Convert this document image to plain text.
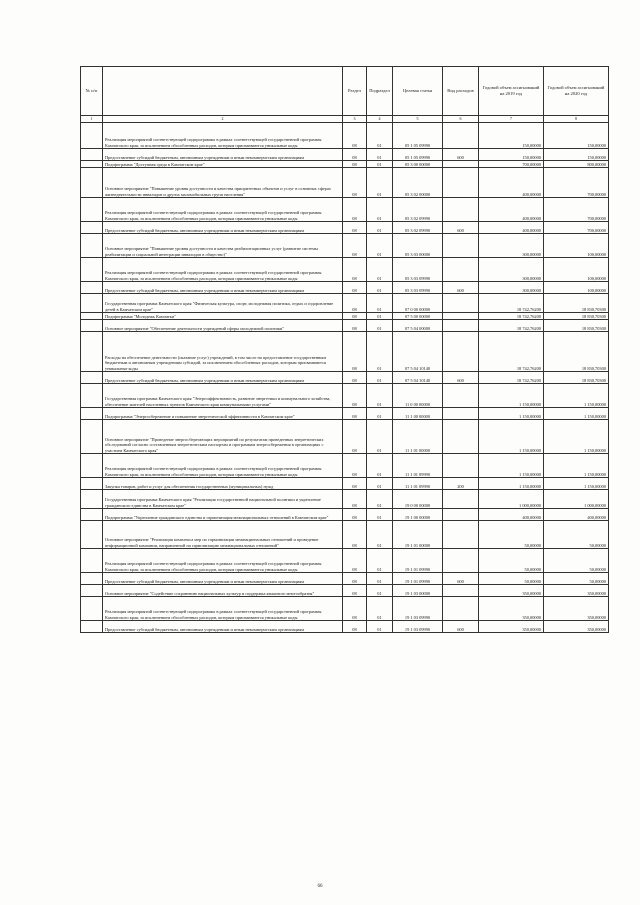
№ п/п		Раздел	Подраздел	Целевая статья	Вид расходов	Годовой объем ассигнований на 2019 год	Годовой объем ассигнований на 2020 год
1	2	3	4	5	6	7	8
	Реализация мероприятий соответствующей подпрограммы в рамках соответствующей государственной программы Камчатского края, за исключением обособленных расходов, которым присваиваются уникальные коды	08	01	05 1 05 09990		150,00000	150,00000
	Предоставление субсидий бюджетным, автономным учреждениям и иным некоммерческим организациям	08	01	05 1 05 09990	600	150,00000	150,00000
	Подпрограмма "Доступная среда в Камчатском крае"	08	01	05 3 00 00000		700,00000	800,00000
	Основное мероприятие "Повышение уровня доступности и качества приоритетных объектов и услуг в основных сферах жизнедеятельности инвалидов и других маломобильных групп населения"	08	01	05 3 02 00000		400,00000	700,00000
	Реализация мероприятий соответствующей подпрограммы в рамках соответствующей государственной программы Камчатского края, за исключением обособленных расходов, которым присваиваются уникальные коды	08	01	05 3 02 09990		400,00000	700,00000
	Предоставление субсидий бюджетным, автономным учреждениям и иным некоммерческим организациям	08	01	05 3 02 09990	600	400,00000	700,00000
	Основное мероприятие "Повышение уровня доступности и качества реабилитационных услуг (развитие системы реабилитации и социальной интеграции инвалидов в общество)"	08	01	05 3 03 00000		300,00000	100,00000
	Реализация мероприятий соответствующей подпрограммы в рамках соответствующей государственной программы Камчатского края, за исключением обособленных расходов, которым присваиваются уникальные коды	08	01	05 3 03 09990		300,00000	100,00000
	Предоставление субсидий бюджетным, автономным учреждениям и иным некоммерческим организациям	08	01	05 3 03 09990	600	300,00000	100,00000
	Государственная программа Камчатского края "Физическая культура, спорт, молодежная политика, отдых и оздоровление детей в Камчатском крае"	08	01	07 0 00 00000		18 742,76200	18 830,70300
	Подпрограмма "Молодежь Камчатки"	08	01	07 5 00 00000		18 742,76200	18 830,70300
	Основное мероприятие "Обеспечение деятельности учреждений сферы молодежной политики"	08	01	07 5 04 00000		18 742,76200	18 830,70300
	Расходы на обеспечение деятельности (оказание услуг) учреждений, в том числе на предоставление государственным бюджетным и автономным учреждениям субсидий, за исключением обособленных расходов, которым присваиваются уникальные коды	08	01	07 5 04 10140		18 742,76200	18 830,70300
	Предоставление субсидий бюджетным, автономным учреждениям и иным некоммерческим организациям	08	01	07 5 04 10140	600	18 742,76200	18 830,70300
	Государственная программа Камчатского края "Энергоэффективность, развитие энергетики и коммунального хозяйства, обеспечение жителей населенных пунктов Камчатского края коммунальными услугами"	08	01	11 0 00 00000		1 150,00000	1 150,00000
	Подпрограмма "Энергосбережение и повышение энергетической эффективности в Камчатском крае"	08	01	11 1 00 00000		1 150,00000	1 150,00000
	Основное мероприятие "Проведение энергосберегающих мероприятий по результатам проведенных энергетических обследований согласно составленным энергетическим паспортам и программам энергосбережения в организациях с участием Камчатского края"	08	01	11 1 01 00000		1 150,00000	1 150,00000
	Реализация мероприятий соответствующей подпрограммы в рамках соответствующей государственной программы Камчатского края, за исключением обособленных расходов, которым присваиваются уникальные коды	08	01	11 1 01 09990		1 150,00000	1 150,00000
	Закупка товаров, работ и услуг для обеспечения государственных (муниципальных) нужд	08	01	11 1 01 09990	200	1 150,00000	1 150,00000
	Государственная программа Камчатского края "Реализация государственной национальной политики и укрепление гражданского единства в Камчатском крае"	08	01	19 0 00 00000		1 000,00000	1 000,00000
	Подпрограмма "Укрепление гражданского единства и гармонизация межнациональных отношений в Камчатском крае"	08	01	19 1 00 00000		400,00000	400,00000
	Основное мероприятие "Реализация комплекса мер по гармонизации межнациональных отношений и проведение информационной кампании, направленной на гармонизацию межнациональных отношений"	08	01	19 1 01 00000		50,00000	50,00000
	Реализация мероприятий соответствующей подпрограммы в рамках соответствующей государственной программы Камчатского края, за исключением обособленных расходов, которым присваиваются уникальные коды	08	01	19 1 01 09990		50,00000	50,00000
	Предоставление субсидий бюджетным, автономным учреждениям и иным некоммерческим организациям	08	01	19 1 01 09990	600	50,00000	50,00000
	Основное мероприятие "Содействие сохранению национальных культур и поддержка языкового многообразия"	08	01	19 1 03 00000		350,00000	350,00000
	Реализация мероприятий соответствующей подпрограммы в рамках соответствующей государственной программы Камчатского края, за исключением обособленных расходов, которым присваиваются уникальные коды	08	01	19 1 03 09990		350,00000	350,00000
	Предоставление субсидий бюджетным, автономным учреждениям и иным некоммерческим организациям	08	01	19 1 03 09990	600	350,00000	350,00000
66
